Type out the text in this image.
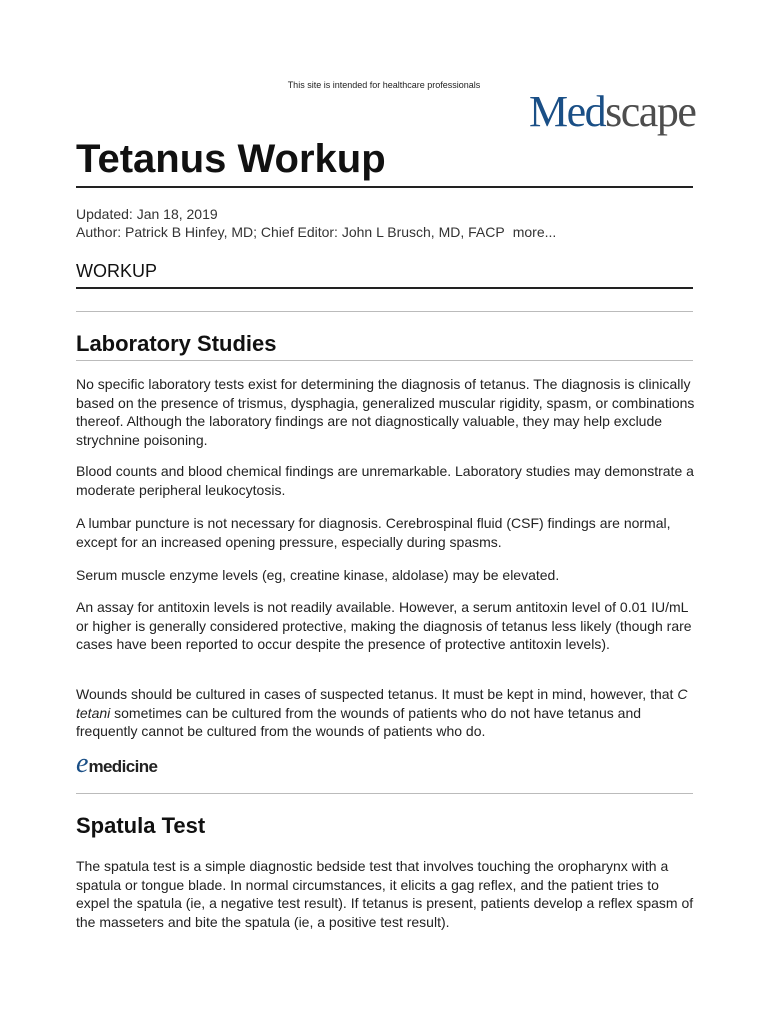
This site is intended for healthcare professionals
Medscape
Tetanus Workup
Updated: Jan 18, 2019
Author: Patrick B Hinfey, MD; Chief Editor: John L Brusch, MD, FACP more...
WORKUP
Laboratory Studies

No specific laboratory tests exist for determining the diagnosis of tetanus. The diagnosis is clinically based on the presence of trismus, dysphagia, generalized muscular rigidity, spasm, or combinations thereof. Although the laboratory findings are not diagnostically valuable, they may help exclude strychnine poisoning.

Blood counts and blood chemical findings are unremarkable. Laboratory studies may demonstrate a moderate peripheral leukocytosis.

A lumbar puncture is not necessary for diagnosis. Cerebrospinal fluid (CSF) findings are normal, except for an increased opening pressure, especially during spasms.

Serum muscle enzyme levels (eg, creatine kinase, aldolase) may be elevated.

An assay for antitoxin levels is not readily available. However, a serum antitoxin level of 0.01 IU/mL or higher is generally considered protective, making the diagnosis of tetanus less likely (though rare cases have been reported to occur despite the presence of protective antitoxin levels).

Wounds should be cultured in cases of suspected tetanus. It must be kept in mind, however, that C tetani sometimes can be cultured from the wounds of patients who do not have tetanus and frequently cannot be cultured from the wounds of patients who do.

emedicine
Spatula Test

The spatula test is a simple diagnostic bedside test that involves touching the oropharynx with a spatula or tongue blade. In normal circumstances, it elicits a gag reflex, and the patient tries to expel the spatula (ie, a negative test result). If tetanus is present, patients develop a reflex spasm of the masseters and bite the spatula (ie, a positive test result).
